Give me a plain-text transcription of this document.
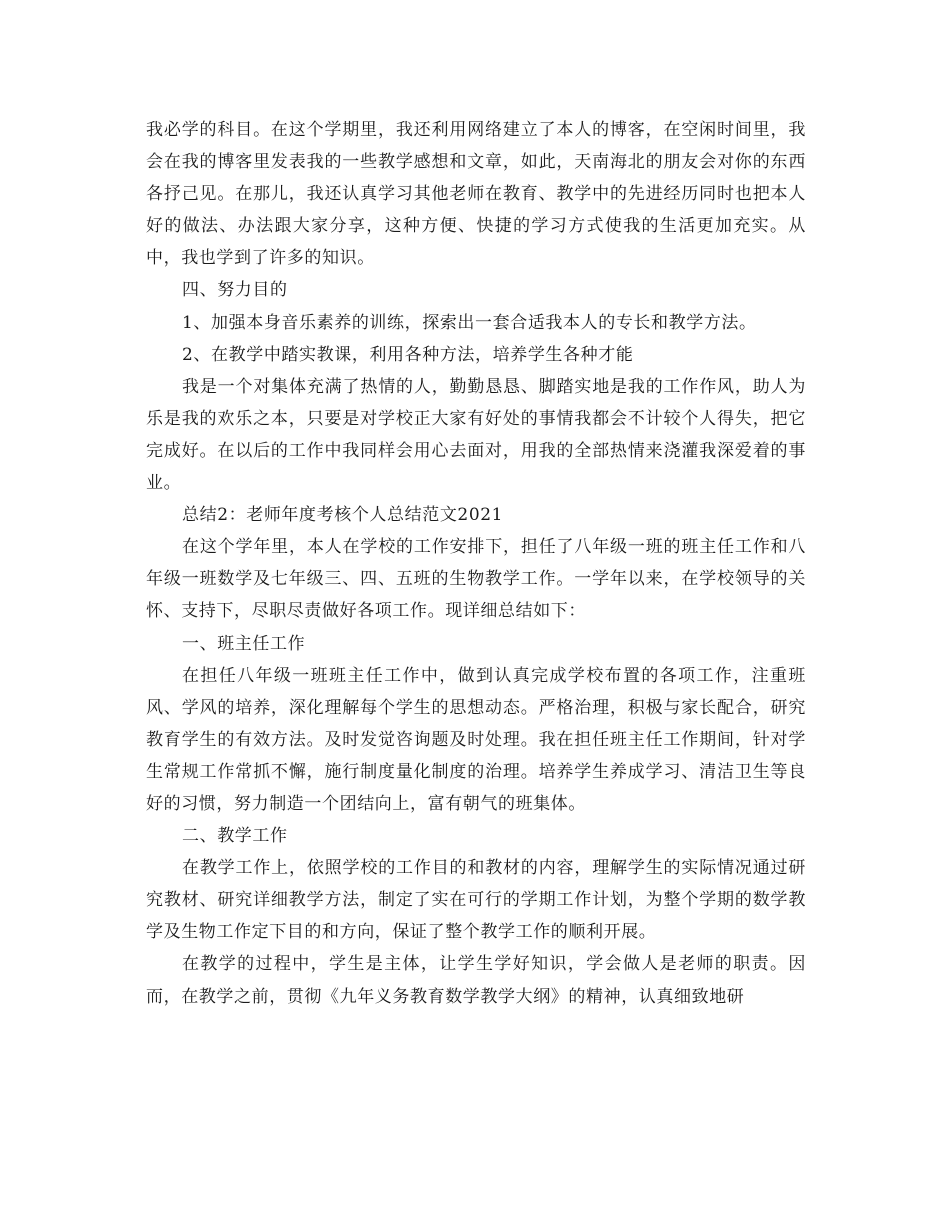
我必学的科目。在这个学期里，我还利用网络建立了本人的博客，在空闲时间里，我会在我的博客里发表我的一些教学感想和文章，如此，天南海北的朋友会对你的东西各抒己见。在那儿，我还认真学习其他老师在教育、教学中的先进经历同时也把本人好的做法、办法跟大家分享，这种方便、快捷的学习方式使我的生活更加充实。从中，我也学到了许多的知识。

四、努力目的

1、加强本身音乐素养的训练，探索出一套合适我本人的专长和教学方法。

2、在教学中踏实教课，利用各种方法，培养学生各种才能

我是一个对集体充满了热情的人，勤勤恳恳、脚踏实地是我的工作作风，助人为乐是我的欢乐之本，只要是对学校正大家有好处的事情我都会不计较个人得失，把它完成好。在以后的工作中我同样会用心去面对，用我的全部热情来浇灌我深爱着的事业。

总结2：老师年度考核个人总结范文2021

在这个学年里，本人在学校的工作安排下，担任了八年级一班的班主任工作和八年级一班数学及七年级三、四、五班的生物教学工作。一学年以来，在学校领导的关怀、支持下，尽职尽责做好各项工作。现详细总结如下：

一、班主任工作

在担任八年级一班班主任工作中，做到认真完成学校布置的各项工作，注重班风、学风的培养，深化理解每个学生的思想动态。严格治理，积极与家长配合，研究教育学生的有效方法。及时发觉咨询题及时处理。我在担任班主任工作期间，针对学生常规工作常抓不懈，施行制度量化制度的治理。培养学生养成学习、清洁卫生等良好的习惯，努力制造一个团结向上，富有朝气的班集体。

二、教学工作

在教学工作上，依照学校的工作目的和教材的内容，理解学生的实际情况通过研究教材、研究详细教学方法，制定了实在可行的学期工作计划，为整个学期的数学教学及生物工作定下目的和方向，保证了整个教学工作的顺利开展。

在教学的过程中，学生是主体，让学生学好知识，学会做人是老师的职责。因而，在教学之前，贯彻《九年义务教育数学教学大纲》的精神，认真细致地研
